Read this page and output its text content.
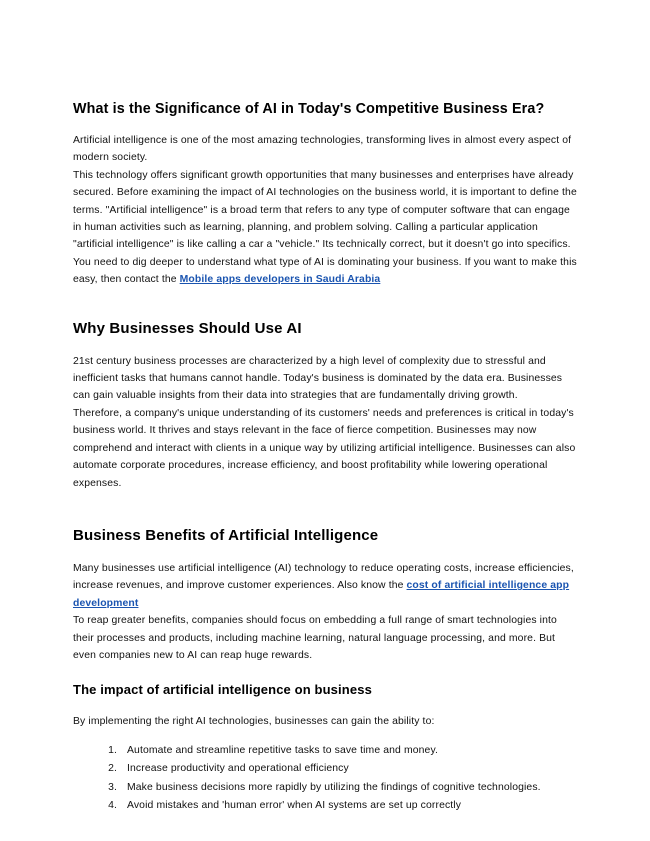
What is the Significance of AI in Today's Competitive Business Era?

Artificial intelligence is one of the most amazing technologies, transforming lives in almost every aspect of modern society.

This technology offers significant growth opportunities that many businesses and enterprises have already secured. Before examining the impact of AI technologies on the business world, it is important to define the terms. "Artificial intelligence" is a broad term that refers to any type of computer software that can engage in human activities such as learning, planning, and problem solving. Calling a particular application "artificial intelligence" is like calling a car a "vehicle." Its technically correct, but it doesn't go into specifics. You need to dig deeper to understand what type of AI is dominating your business. If you want to make this easy, then contact the Mobile apps developers in Saudi Arabia

Why Businesses Should Use AI

21st century business processes are characterized by a high level of complexity due to stressful and inefficient tasks that humans cannot handle. Today's business is dominated by the data era. Businesses can gain valuable insights from their data into strategies that are fundamentally driving growth.

Therefore, a company's unique understanding of its customers' needs and preferences is critical in today's business world. It thrives and stays relevant in the face of fierce competition. Businesses may now comprehend and interact with clients in a unique way by utilizing artificial intelligence. Businesses can also automate corporate procedures, increase efficiency, and boost profitability while lowering operational expenses.

Business Benefits of Artificial Intelligence

Many businesses use artificial intelligence (AI) technology to reduce operating costs, increase efficiencies, increase revenues, and improve customer experiences. Also know the cost of artificial intelligence app development

To reap greater benefits, companies should focus on embedding a full range of smart technologies into their processes and products, including machine learning, natural language processing, and more. But even companies new to AI can reap huge rewards.

The impact of artificial intelligence on business

By implementing the right AI technologies, businesses can gain the ability to:

1. Automate and streamline repetitive tasks to save time and money.
2. Increase productivity and operational efficiency
3. Make business decisions more rapidly by utilizing the findings of cognitive technologies.
4. Avoid mistakes and 'human error' when AI systems are set up correctly
